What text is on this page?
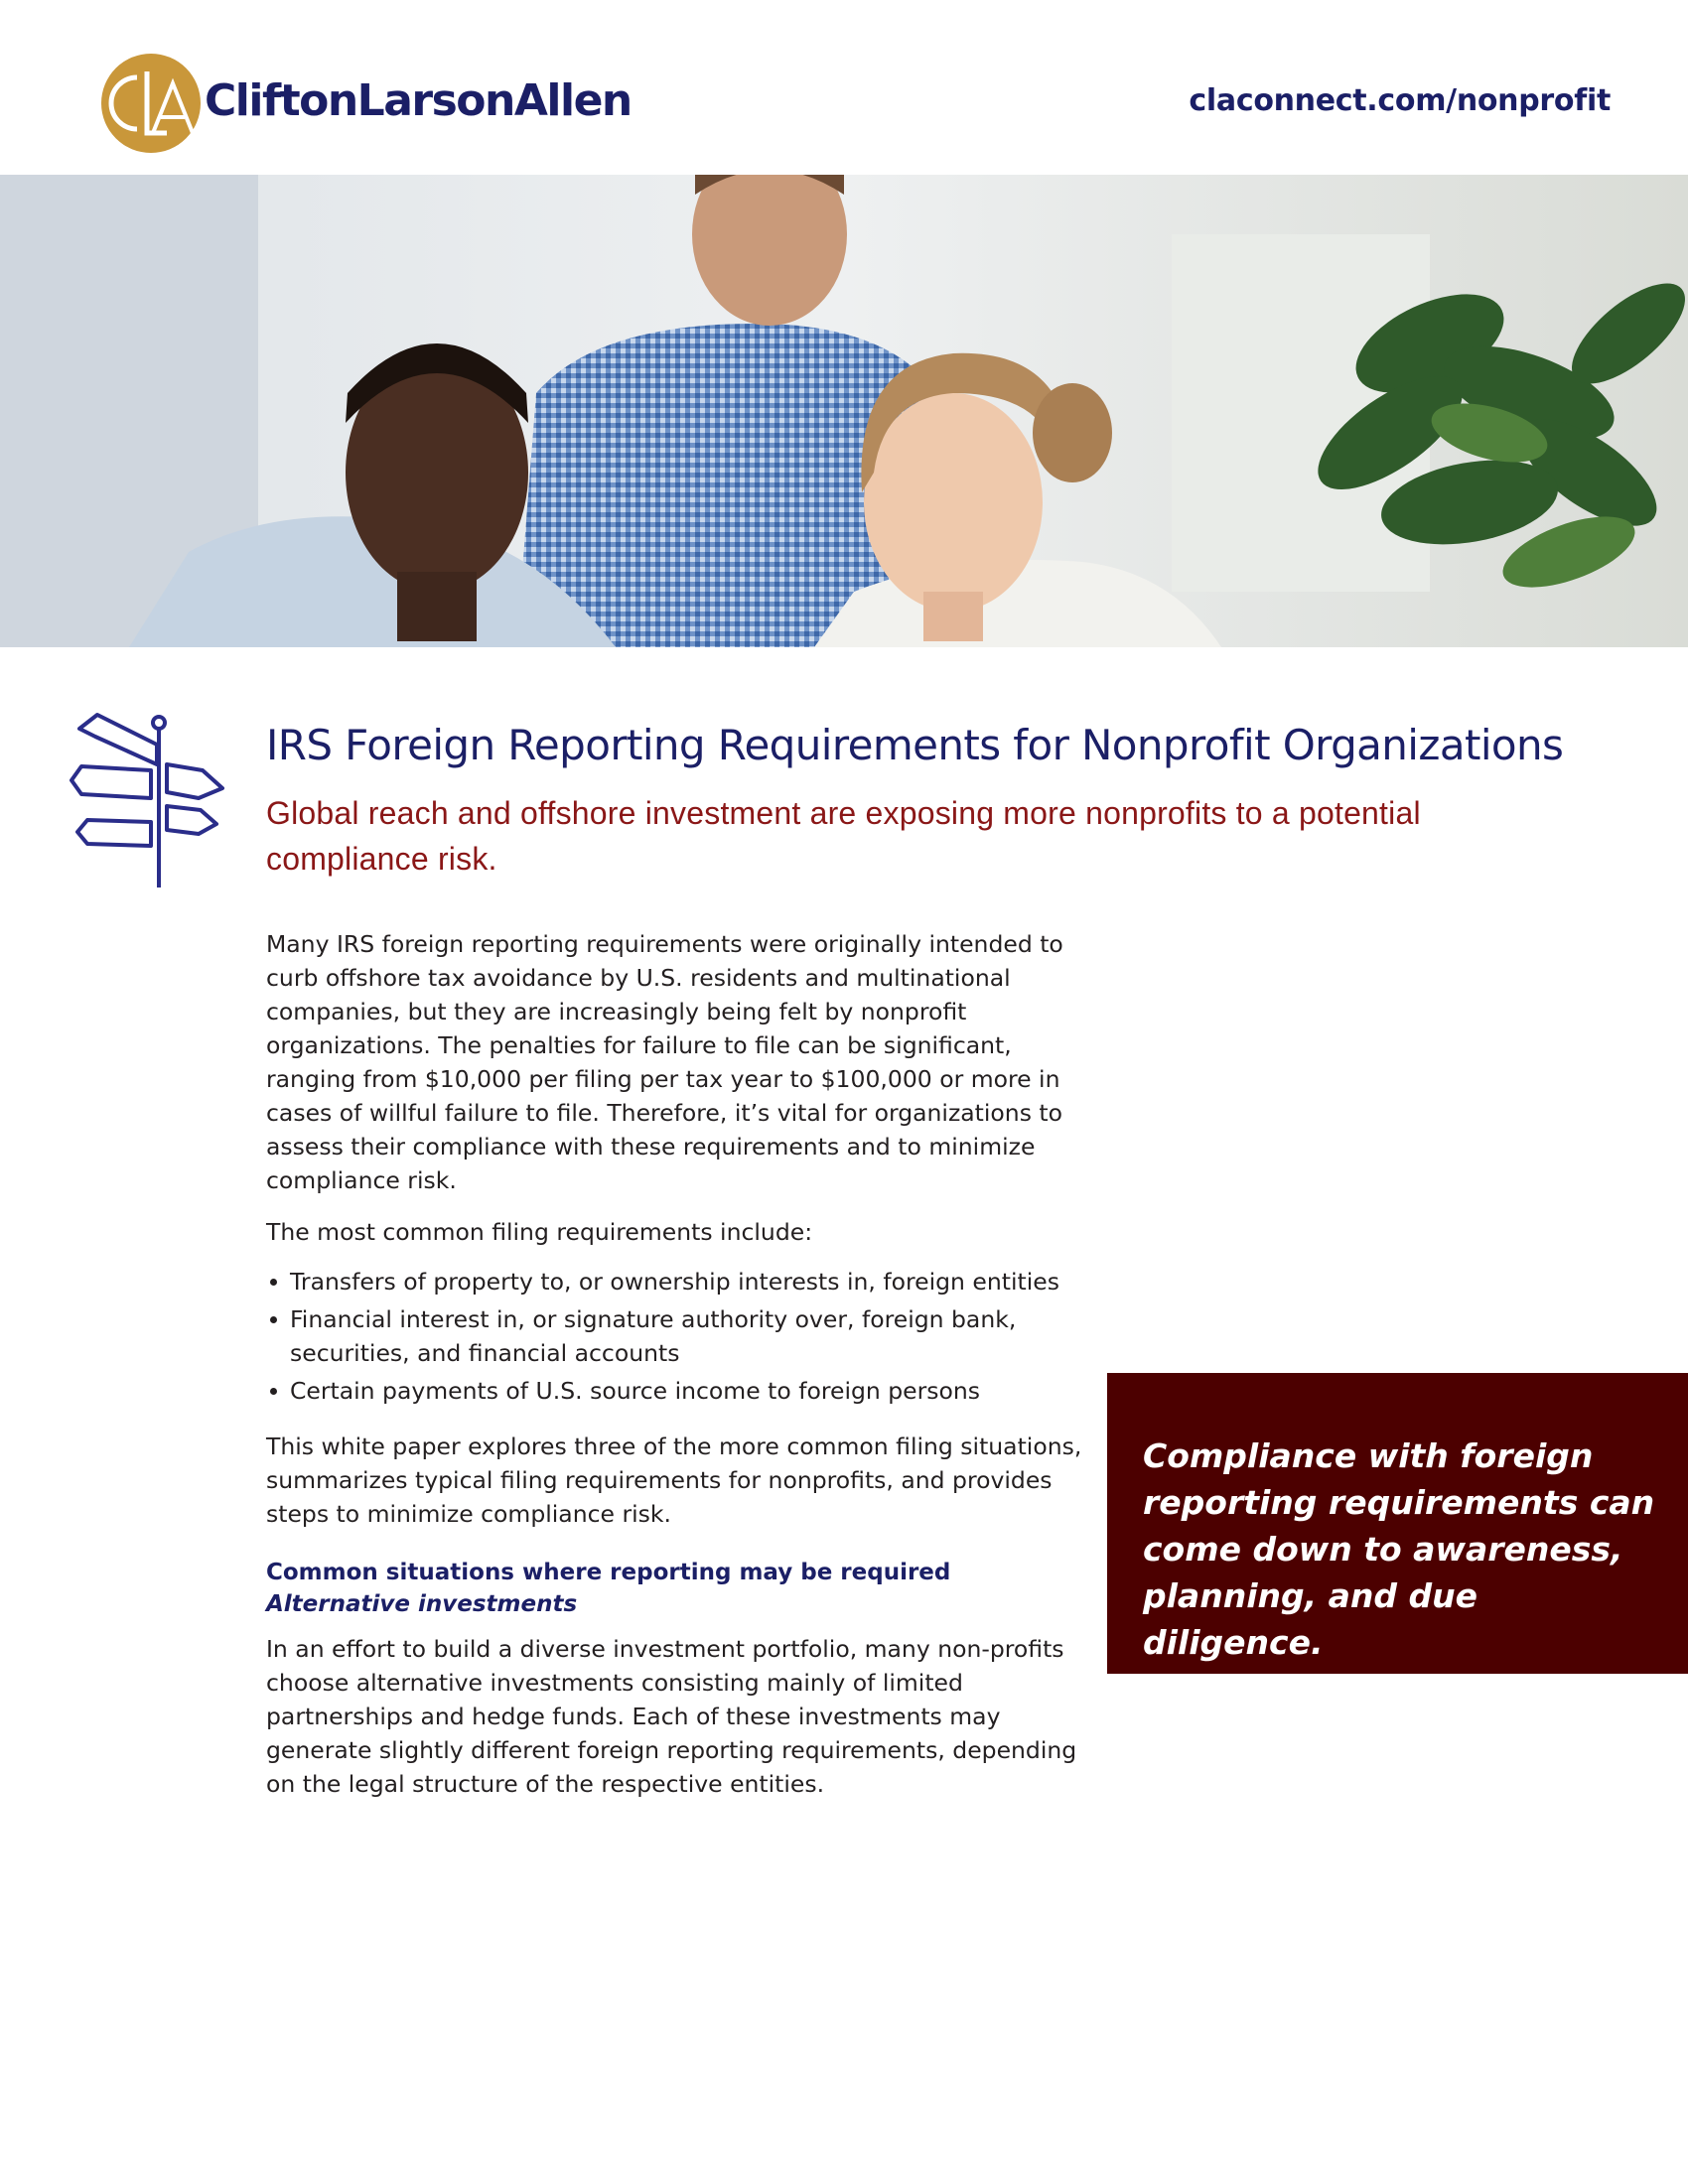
CliftonLarsonAllen	claconnect.com/nonprofit
IRS Foreign Reporting Requirements for Nonprofit Organizations

Global reach and offshore investment are exposing more nonprofits to a potential compliance risk.

Many IRS foreign reporting requirements were originally intended to curb offshore tax avoidance by U.S. residents and multinational companies, but they are increasingly being felt by nonprofit organizations. The penalties for failure to file can be significant, ranging from $10,000 per filing per tax year to $100,000 or more in cases of willful failure to file. Therefore, it’s vital for organizations to assess their compliance with these requirements and to minimize compliance risk.

The most common filing requirements include:

Transfers of property to, or ownership interests in, foreign entities
Financial interest in, or signature authority over, foreign bank, securities, and financial accounts
Certain payments of U.S. source income to foreign persons

This white paper explores three of the more common filing situations, summarizes typical filing requirements for nonprofits, and provides steps to minimize compliance risk.

Common situations where reporting may be required

Alternative investments

In an effort to build a diverse investment portfolio, many non-profits choose alternative investments consisting mainly of limited partnerships and hedge funds. Each of these investments may generate slightly different foreign reporting requirements, depending on the legal structure of the respective entities.

Compliance with foreign reporting requirements can come down to awareness, planning, and due diligence.
